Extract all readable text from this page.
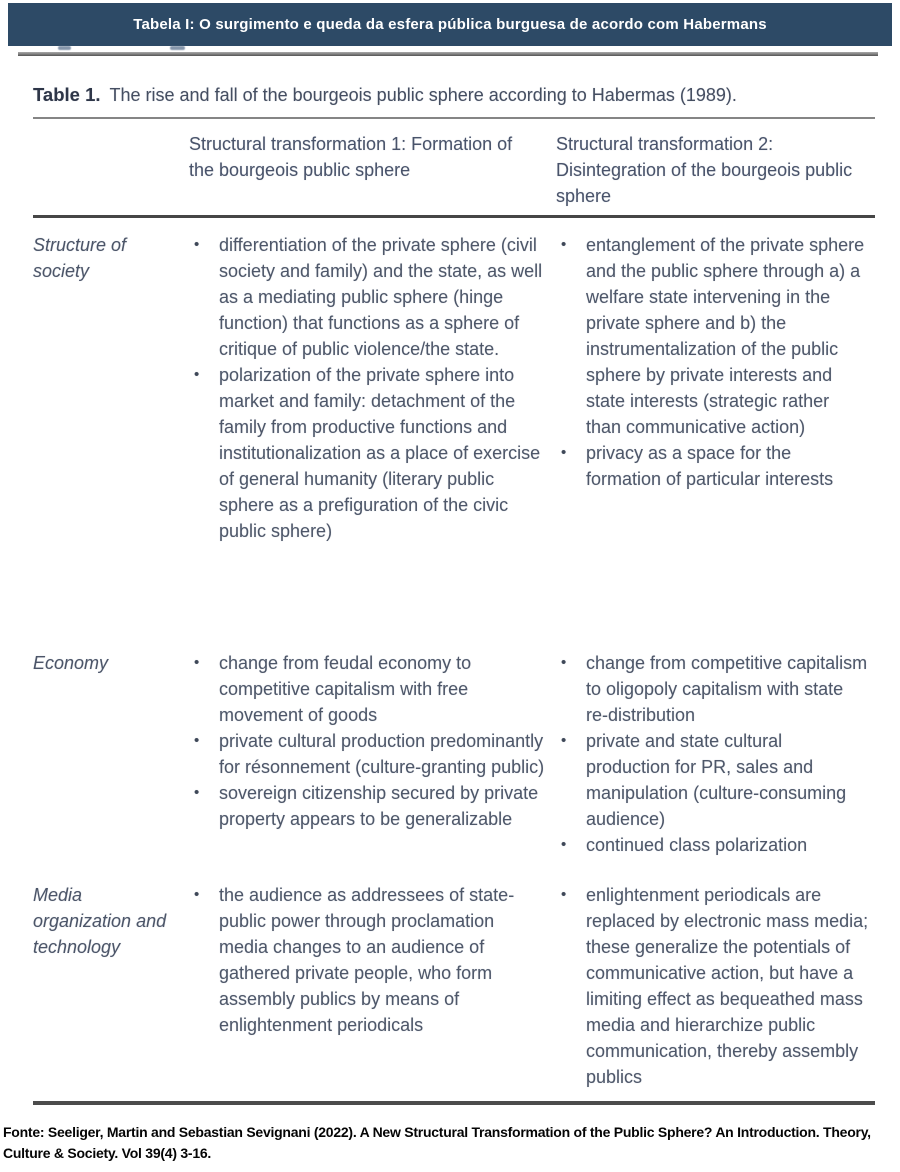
Tabela I: O surgimento e queda da esfera pública burguesa de acordo com Habermans
Table 1. The rise and fall of the bourgeois public sphere according to Habermas (1989).
Structural transformation 1: Formation of the bourgeois public sphere
Structural transformation 2: Disintegration of the bourgeois public sphere
Structure of society
• differentiation of the private sphere (civil society and family) and the state, as well as a mediating public sphere (hinge function) that functions as a sphere of critique of public violence/the state.
• polarization of the private sphere into market and family: detachment of the family from productive functions and institutionalization as a place of exercise of general humanity (literary public sphere as a prefiguration of the civic public sphere)
• entanglement of the private sphere and the public sphere through a) a welfare state intervening in the private sphere and b) the instrumentalization of the public sphere by private interests and state interests (strategic rather than communicative action)
• privacy as a space for the formation of particular interests
Economy	• change from feudal economy to competitive capitalism with free movement of goods
• private cultural production predominantly for résonnement (culture-granting public)
• sovereign citizenship secured by private property appears to be generalizable
• change from competitive capitalism to oligopoly capitalism with state re-distribution
• private and state cultural production for PR, sales and manipulation (culture-consuming audience)
• continued class polarization
Media organization and technology
• the audience as addressees of state-public power through proclamation media changes to an audience of gathered private people, who form assembly publics by means of enlightenment periodicals
• enlightenment periodicals are replaced by electronic mass media; these generalize the potentials of communicative action, but have a limiting effect as bequeathed mass media and hierarchize public communication, thereby assembly publics
Fonte: Seeliger, Martin and Sebastian Sevignani (2022). A New Structural Transformation of the Public Sphere? An Introduction. Theory, Culture & Society. Vol 39(4) 3-16.
